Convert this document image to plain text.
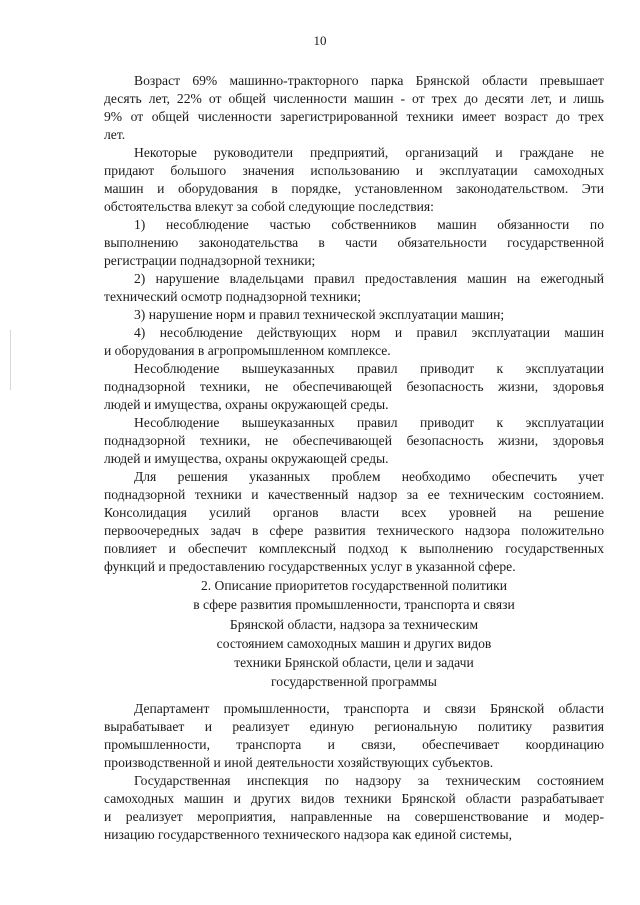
10

Возраст 69% машинно-тракторного парка Брянской области превышает
десять лет, 22% от общей численности машин - от трех до десяти лет, и лишь
9% от общей численности зарегистрированной техники имеет возраст до трех
лет.

Некоторые руководители предприятий, организаций и граждане не
придают большого значения использованию и эксплуатации самоходных
машин и оборудования в порядке, установленном законодательством. Эти
обстоятельства влекут за собой следующие последствия:

1) несоблюдение частью собственников машин обязанности по
выполнению законодательства в части обязательности государственной
регистрации поднадзорной техники;

2) нарушение владельцами правил предоставления машин на ежегодный
технический осмотр поднадзорной техники;

3) нарушение норм и правил технической эксплуатации машин;

4) несоблюдение действующих норм и правил эксплуатации машин
и оборудования в агропромышленном комплексе.

Несоблюдение вышеуказанных правил приводит к эксплуатации
поднадзорной техники, не обеспечивающей безопасность жизни, здоровья
людей и имущества, охраны окружающей среды.

Несоблюдение вышеуказанных правил приводит к эксплуатации
поднадзорной техники, не обеспечивающей безопасность жизни, здоровья
людей и имущества, охраны окружающей среды.

Для решения указанных проблем необходимо обеспечить учет
поднадзорной техники и качественный надзор за ее техническим состоянием.
Консолидация усилий органов власти всех уровней на решение
первоочередных задач в сфере развития технического надзора положительно
повлияет и обеспечит комплексный подход к выполнению государственных
функций и предоставлению государственных услуг в указанной сфере.

2. Описание приоритетов государственной политики
в сфере развития промышленности, транспорта и связи
Брянской области, надзора за техническим
состоянием самоходных машин и других видов
техники Брянской области, цели и задачи
государственной программы

Департамент промышленности, транспорта и связи Брянской области
вырабатывает и реализует единую региональную политику развития
промышленности, транспорта и связи, обеспечивает координацию
производственной и иной деятельности хозяйствующих субъектов.

Государственная инспекция по надзору за техническим состоянием
самоходных машин и других видов техники Брянской области разрабатывает
и реализует мероприятия, направленные на совершенствование и модер-
низацию государственного технического надзора как единой системы,
